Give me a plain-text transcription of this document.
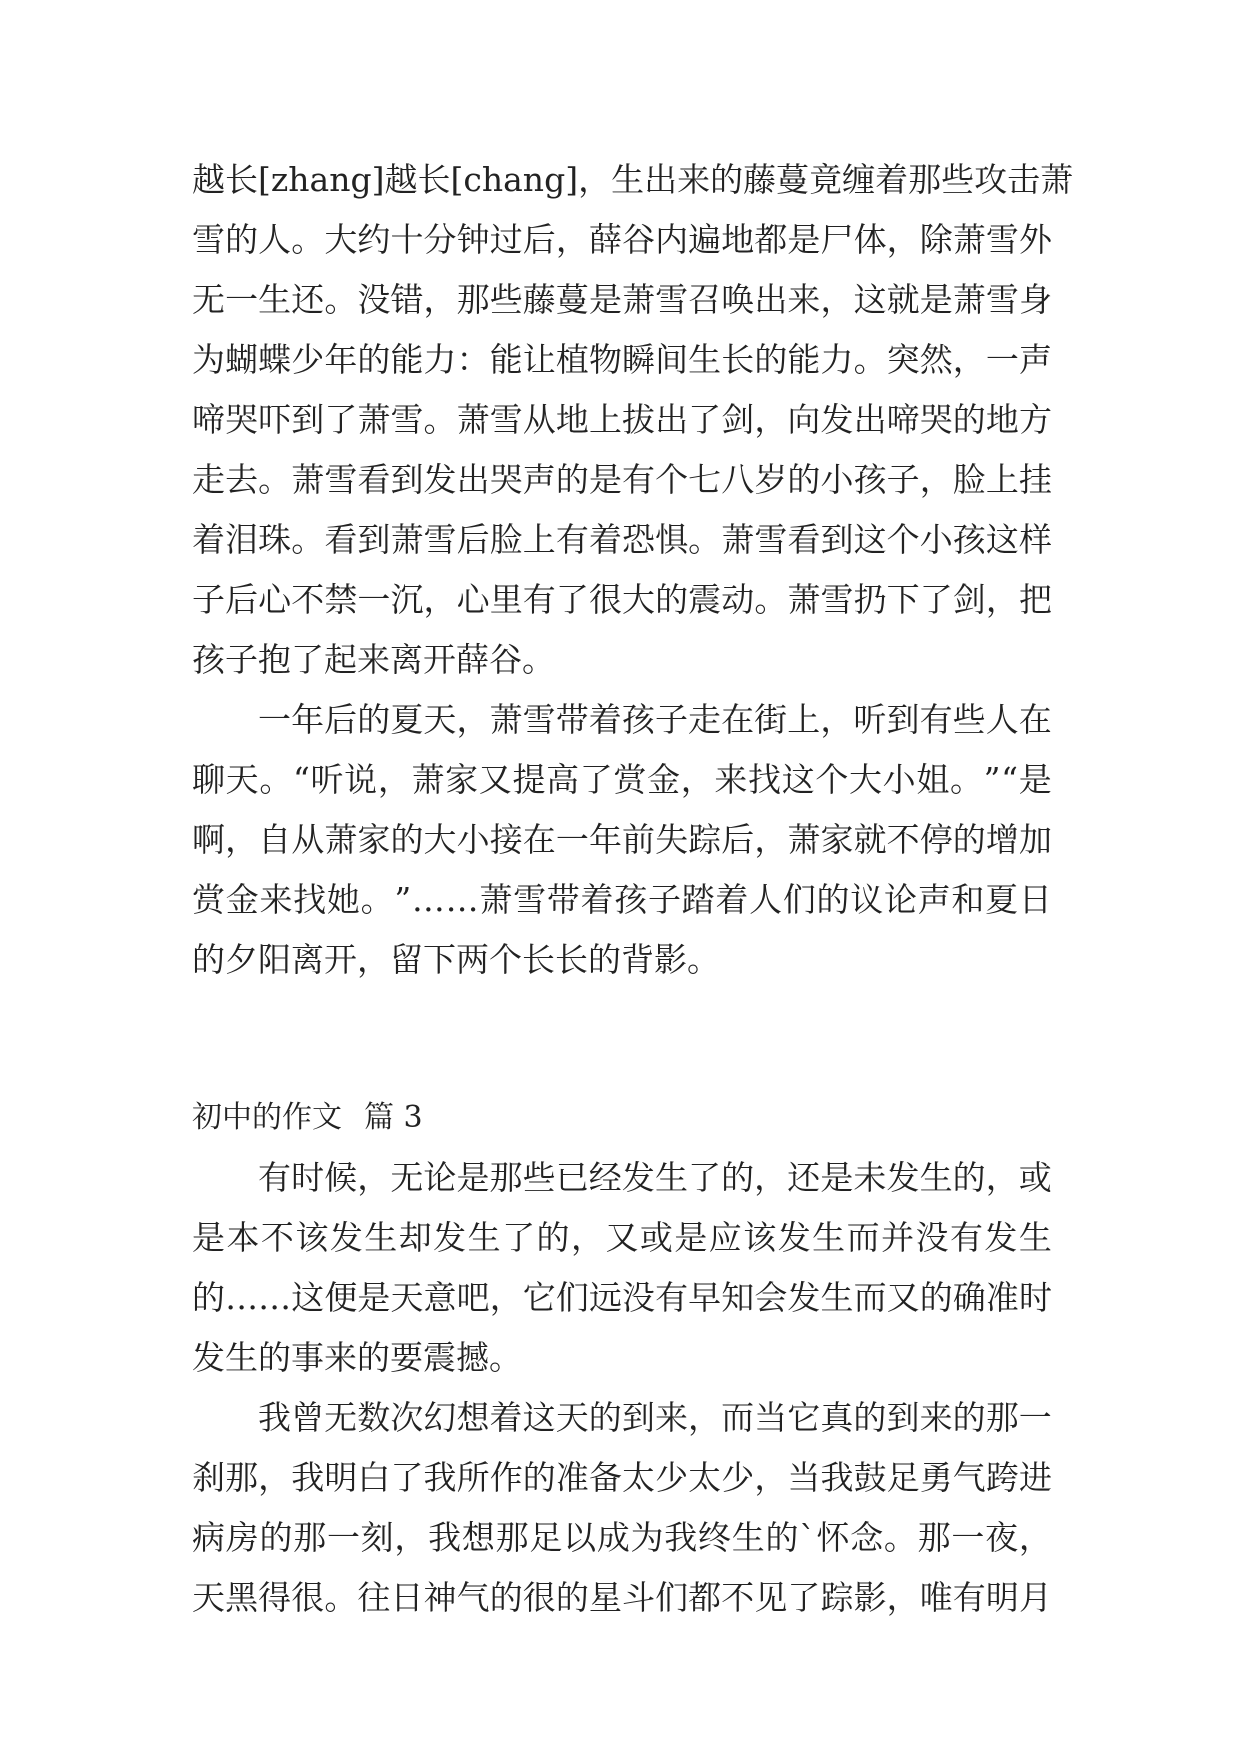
越 长 [ z h a n g ] 越 长 [ c h a n g ] ， 生 出 来 的 藤 蔓 竟 缠 着 那 些 攻 击 萧
雪 的 人 。 大 约 十 分 钟 过 后 ， 薛 谷 内 遍 地 都 是 尸 体 ， 除 萧 雪 外
无 一 生 还 。 没 错 ， 那 些 藤 蔓 是 萧 雪 召 唤 出 来 ， 这 就 是 萧 雪 身
为 蝴 蝶 少 年 的 能 力 ： 能 让 植 物 瞬 间 生 长 的 能 力 。 突 然 ， 一 声
啼 哭 吓 到 了 萧 雪 。 萧 雪 从 地 上 拔 出 了 剑 ， 向 发 出 啼 哭 的 地 方
走 去 。 萧 雪 看 到 发 出 哭 声 的 是 有 个 七 八 岁 的 小 孩 子 ， 脸 上 挂
着 泪 珠 。 看 到 萧 雪 后 脸 上 有 着 恐 惧 。 萧 雪 看 到 这 个 小 孩 这 样
子 后 心 不 禁 一 沉 ， 心 里 有 了 很 大 的 震 动 。 萧 雪 扔 下 了 剑 ， 把
孩子抱了起来离开薛谷。
一 年 后 的 夏 天 ， 萧 雪 带 着 孩 子 走 在 街 上 ， 听 到 有 些 人 在
聊 天 。 “ 听 说 ， 萧 家 又 提 高 了 赏 金 ， 来 找 这 个 大 小 姐 。 ” “ 是
啊 ， 自 从 萧 家 的 大 小 接 在 一 年 前 失 踪 后 ， 萧 家 就 不 停 的 增 加
赏 金 来 找 她 。 ” … … 萧 雪 带 着 孩 子 踏 着 人 们 的 议 论 声 和 夏 日
的夕阳离开，留下两个长长的背影。
初中的作文 篇 3
有 时 候 ， 无 论 是 那 些 已 经 发 生 了 的 ， 还 是 未 发 生 的 ， 或
是 本 不 该 发 生 却 发 生 了 的 ， 又 或 是 应 该 发 生 而 并 没 有 发 生
的 … … 这 便 是 天 意 吧 ， 它 们 远 没 有 早 知 会 发 生 而 又 的 确 准 时
发生的事来的要震撼。
我 曾 无 数 次 幻 想 着 这 天 的 到 来 ， 而 当 它 真 的 到 来 的 那 一
刹 那 ， 我 明 白 了 我 所 作 的 准 备 太 少 太 少 ， 当 我 鼓 足 勇 气 跨 进
病 房 的 那 一 刻 ， 我 想 那 足 以 成 为 我 终 生 的 ` 怀 念 。 那 一 夜 ，
天 黑 得 很 。 往 日 神 气 的 很 的 星 斗 们 都 不 见 了 踪 影 ， 唯 有 明 月
